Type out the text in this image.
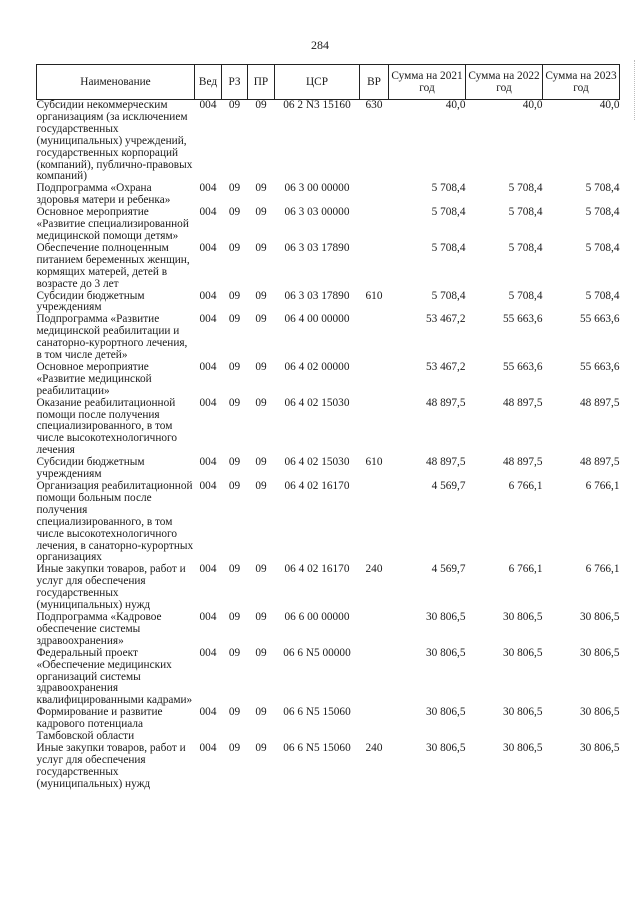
284
Наименование	Вед	РЗ	ПР	ЦСР	ВР	Сумма на 2021 год	Сумма на 2022 год	Сумма на 2023 год
Субсидии некоммерческим организациям (за исключением государственных (муниципальных) учреждений, государственных корпораций (компаний), публично-правовых компаний)	004	09	09	06 2 N3 15160	630	40,0	40,0	40,0
Подпрограмма «Охрана здоровья матери и ребенка»	004	09	09	06 3 00 00000		5 708,4	5 708,4	5 708,4
Основное мероприятие «Развитие специализированной медицинской помощи детям»	004	09	09	06 3 03 00000		5 708,4	5 708,4	5 708,4
Обеспечение полноценным питанием беременных женщин, кормящих матерей, детей в возрасте до 3 лет	004	09	09	06 3 03 17890		5 708,4	5 708,4	5 708,4
Субсидии бюджетным учреждениям	004	09	09	06 3 03 17890	610	5 708,4	5 708,4	5 708,4
Подпрограмма «Развитие медицинской реабилитации и санаторно-курортного лечения, в том числе детей»	004	09	09	06 4 00 00000		53 467,2	55 663,6	55 663,6
Основное мероприятие «Развитие медицинской реабилитации»	004	09	09	06 4 02 00000		53 467,2	55 663,6	55 663,6
Оказание реабилитационной помощи после получения специализированного, в том числе высокотехнологичного лечения	004	09	09	06 4 02 15030		48 897,5	48 897,5	48 897,5
Субсидии бюджетным учреждениям	004	09	09	06 4 02 15030	610	48 897,5	48 897,5	48 897,5
Организация реабилитационной помощи больным после получения специализированного, в том числе высокотехнологичного лечения, в санаторно-курортных организациях	004	09	09	06 4 02 16170		4 569,7	6 766,1	6 766,1
Иные закупки товаров, работ и услуг для обеспечения государственных (муниципальных) нужд	004	09	09	06 4 02 16170	240	4 569,7	6 766,1	6 766,1
Подпрограмма «Кадровое обеспечение системы здравоохранения»	004	09	09	06 6 00 00000		30 806,5	30 806,5	30 806,5
Федеральный проект «Обеспечение медицинских организаций системы здравоохранения квалифицированными кадрами»	004	09	09	06 6 N5 00000		30 806,5	30 806,5	30 806,5
Формирование и развитие кадрового потенциала Тамбовской области	004	09	09	06 6 N5 15060		30 806,5	30 806,5	30 806,5
Иные закупки товаров, работ и услуг для обеспечения государственных (муниципальных) нужд	004	09	09	06 6 N5 15060	240	30 806,5	30 806,5	30 806,5
